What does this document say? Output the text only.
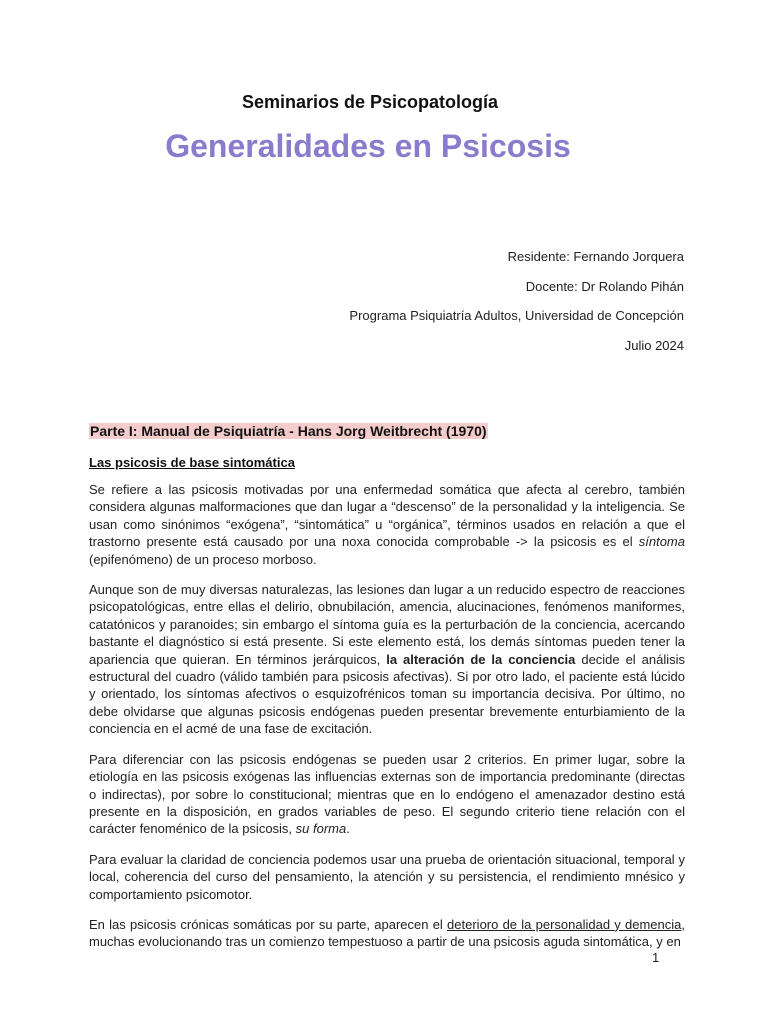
Seminarios de Psicopatología
Generalidades en Psicosis
Residente: Fernando Jorquera
Docente: Dr Rolando Pihán
Programa Psiquiatría Adultos, Universidad de Concepción
Julio 2024
Parte I: Manual de Psiquiatría - Hans Jorg Weitbrecht (1970)
Las psicosis de base sintomática

Se refiere a las psicosis motivadas por una enfermedad somática que afecta al cerebro, también considera algunas malformaciones que dan lugar a “descenso” de la personalidad y la inteligencia. Se usan como sinónimos “exógena”, “sintomática” u “orgánica”, términos usados en relación a que el trastorno presente está causado por una noxa conocida comprobable -> la psicosis es el síntoma (epifenómeno) de un proceso morboso.

Aunque son de muy diversas naturalezas, las lesiones dan lugar a un reducido espectro de reacciones psicopatológicas, entre ellas el delirio, obnubilación, amencia, alucinaciones, fenómenos maniformes, catatónicos y paranoides; sin embargo el síntoma guía es la perturbación de la conciencia, acercando bastante el diagnóstico si está presente. Si este elemento está, los demás síntomas pueden tener la apariencia que quieran. En términos jerárquicos, la alteración de la conciencia decide el análisis estructural del cuadro (válido también para psicosis afectivas). Si por otro lado, el paciente está lúcido y orientado, los síntomas afectivos o esquizofrénicos toman su importancia decisiva. Por último, no debe olvidarse que algunas psicosis endógenas pueden presentar brevemente enturbiamiento de la conciencia en el acmé de una fase de excitación.

Para diferenciar con las psicosis endógenas se pueden usar 2 criterios. En primer lugar, sobre la etiología en las psicosis exógenas las influencias externas son de importancia predominante (directas o indirectas), por sobre lo constitucional; mientras que en lo endógeno el amenazador destino está presente en la disposición, en grados variables de peso. El segundo criterio tiene relación con el carácter fenoménico de la psicosis, su forma.

Para evaluar la claridad de conciencia podemos usar una prueba de orientación situacional, temporal y local, coherencia del curso del pensamiento, la atención y su persistencia, el rendimiento mnésico y comportamiento psicomotor.

En las psicosis crónicas somáticas por su parte, aparecen el deterioro de la personalidad y demencia, muchas evolucionando tras un comienzo tempestuoso a partir de una psicosis aguda sintomática, y en

1
